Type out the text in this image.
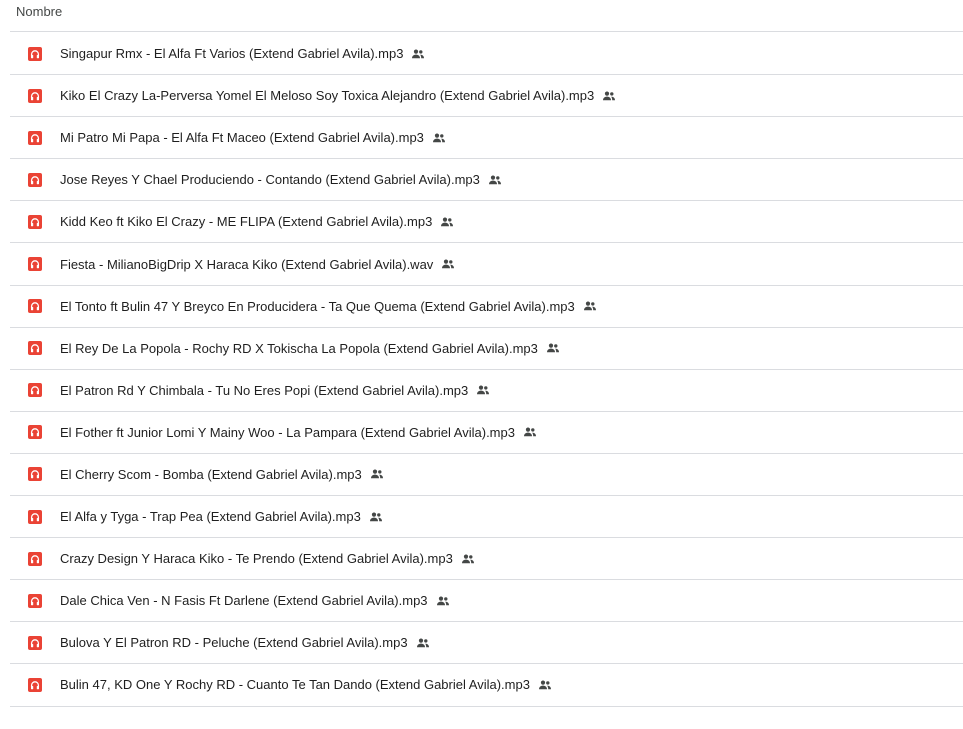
Nombre
Singapur Rmx - El Alfa Ft Varios (Extend Gabriel Avila).mp3
Kiko El Crazy La-Perversa Yomel El Meloso Soy Toxica Alejandro (Extend Gabriel Avila).mp3
Mi Patro Mi Papa - El Alfa Ft Maceo (Extend Gabriel Avila).mp3
Jose Reyes Y Chael Produciendo - Contando (Extend Gabriel Avila).mp3
Kidd Keo ft Kiko El Crazy - ME FLIPA (Extend Gabriel Avila).mp3
Fiesta - MilianoBigDrip X Haraca Kiko (Extend Gabriel Avila).wav
El Tonto ft Bulin 47 Y Breyco En Producidera - Ta Que Quema (Extend Gabriel Avila).mp3
El Rey De La Popola - Rochy RD X Tokischa La Popola (Extend Gabriel Avila).mp3
El Patron Rd Y Chimbala - Tu No Eres Popi (Extend Gabriel Avila).mp3
El Fother ft Junior Lomi Y Mainy Woo - La Pampara (Extend Gabriel Avila).mp3
El Cherry Scom - Bomba (Extend Gabriel Avila).mp3
El Alfa y Tyga - Trap Pea (Extend Gabriel Avila).mp3
Crazy Design Y Haraca Kiko - Te Prendo (Extend Gabriel Avila).mp3
Dale Chica Ven - N Fasis Ft Darlene (Extend Gabriel Avila).mp3
Bulova Y El Patron RD - Peluche (Extend Gabriel Avila).mp3
Bulin 47, KD One Y Rochy RD - Cuanto Te Tan Dando (Extend Gabriel Avila).mp3
